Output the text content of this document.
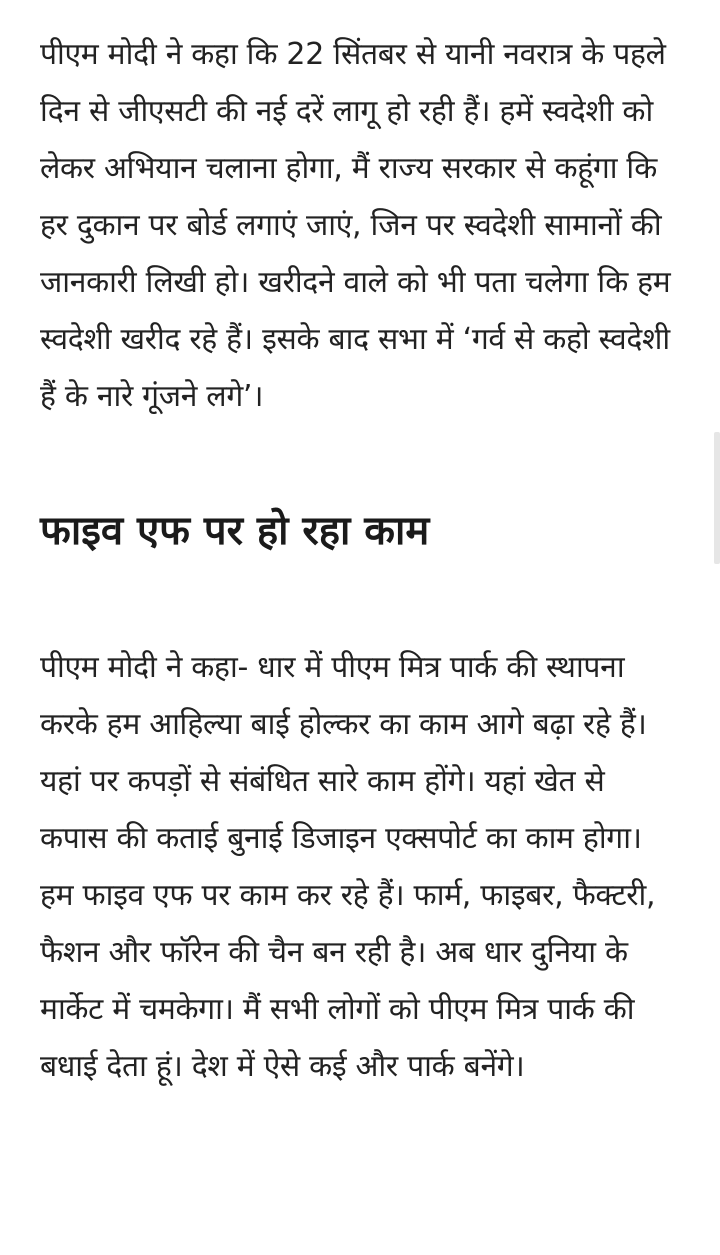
पीएम मोदी ने कहा कि 22 सिंतबर से यानी नवरात्र के पहले दिन से जीएसटी की नई दरें लागू हो रही हैं। हमें स्वदेशी को लेकर अभियान चलाना होगा, मैं राज्य सरकार से कहूंगा कि हर दुकान पर बोर्ड लगाएं जाएं, जिन पर स्वदेशी सामानों की जानकारी लिखी हो। खरीदने वाले को भी पता चलेगा कि हम स्वदेशी खरीद रहे हैं। इसके बाद सभा में ‘गर्व से कहो स्वदेशी हैं के नारे गूंजने लगे’।

फाइव एफ पर हो रहा काम

पीएम मोदी ने कहा- धार में पीएम मित्र पार्क की स्थापना करके हम आहिल्या बाई होल्कर का काम आगे बढ़ा रहे हैं। यहां पर कपड़ों से संबंधित सारे काम होंगे। यहां खेत से कपास की कताई बुनाई डिजाइन एक्सपोर्ट का काम होगा। हम फाइव एफ पर काम कर रहे हैं। फार्म, फाइबर, फैक्टरी, फैशन और फॉरेन की चैन बन रही है। अब धार दुनिया के मार्केट में चमकेगा। मैं सभी लोगों को पीएम मित्र पार्क की बधाई देता हूं। देश में ऐसे कई और पार्क बनेंगे।
